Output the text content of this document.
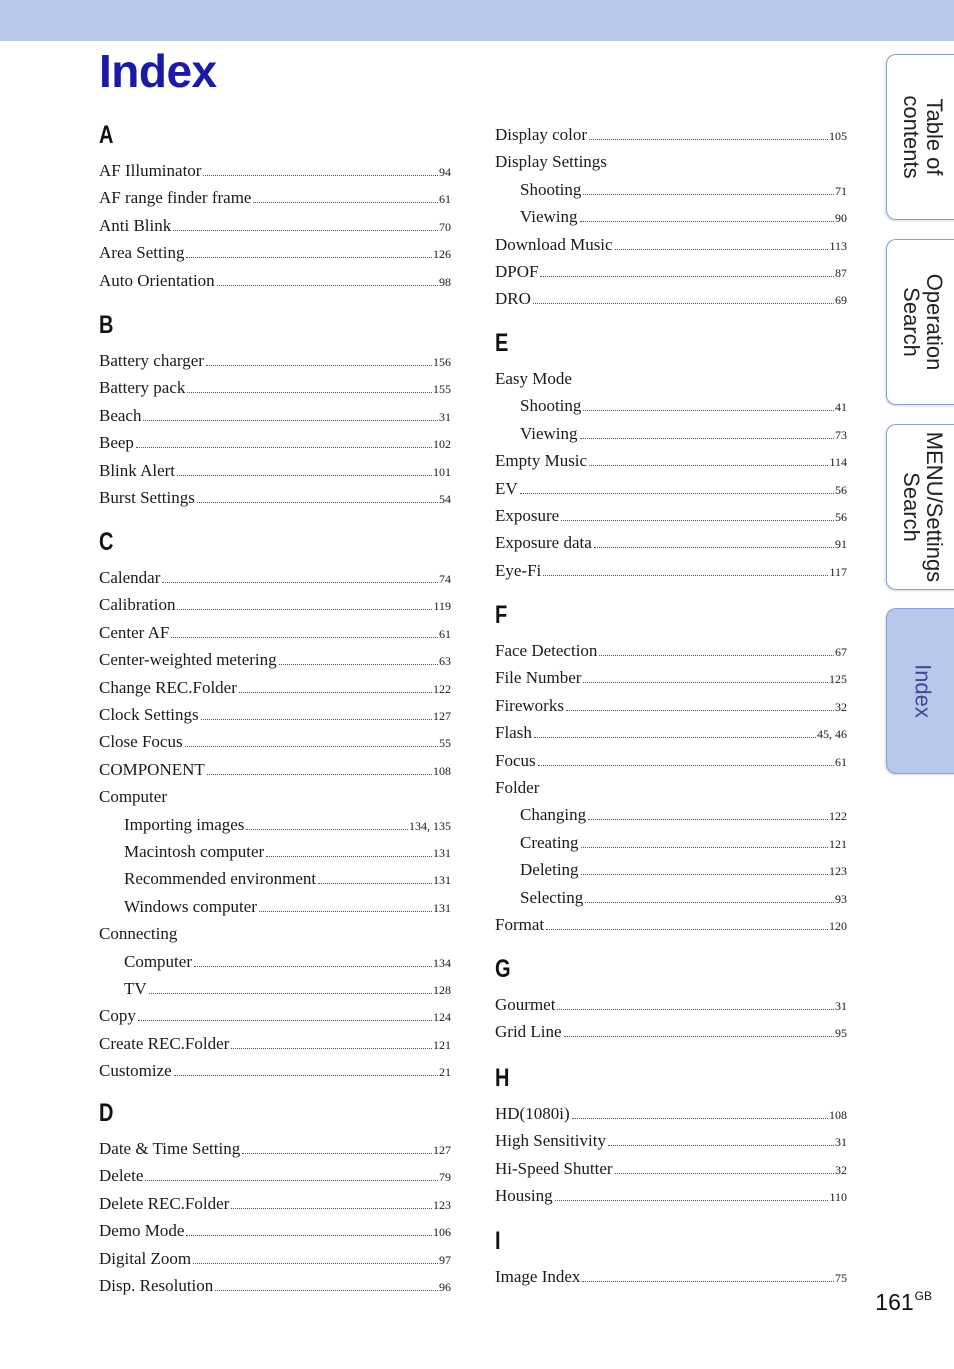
Index
A
AF Illuminator	94
AF range finder frame	61
Anti Blink	70
Area Setting	126
Auto Orientation	98
B
Battery charger	156
Battery pack	155
Beach	31
Beep	102
Blink Alert	101
Burst Settings	54
C
Calendar	74
Calibration	119
Center AF	61
Center-weighted metering	63
Change REC.Folder	122
Clock Settings	127
Close Focus	55
COMPONENT	108
Computer
Importing images	134, 135
Macintosh computer	131
Recommended environment	131
Windows computer	131
Connecting
Computer	134
TV	128
Copy	124
Create REC.Folder	121
Customize	21
D
Date & Time Setting	127
Delete	79
Delete REC.Folder	123
Demo Mode	106
Digital Zoom	97
Disp. Resolution	96
Display color	105
Display Settings
Shooting	71
Viewing	90
Download Music	113
DPOF	87
DRO	69
E
Easy Mode
Shooting	41
Viewing	73
Empty Music	114
EV	56
Exposure	56
Exposure data	91
Eye-Fi	117
F
Face Detection	67
File Number	125
Fireworks	32
Flash	45, 46
Focus	61
Folder
Changing	122
Creating	121
Deleting	123
Selecting	93
Format	120
G
Gourmet	31
Grid Line	95
H
HD(1080i)	108
High Sensitivity	31
Hi-Speed Shutter	32
Housing	110
I
Image Index	75
Table of
contents
Operation
Search
MENU/Settings
Search
Index
$161^{GB}$
